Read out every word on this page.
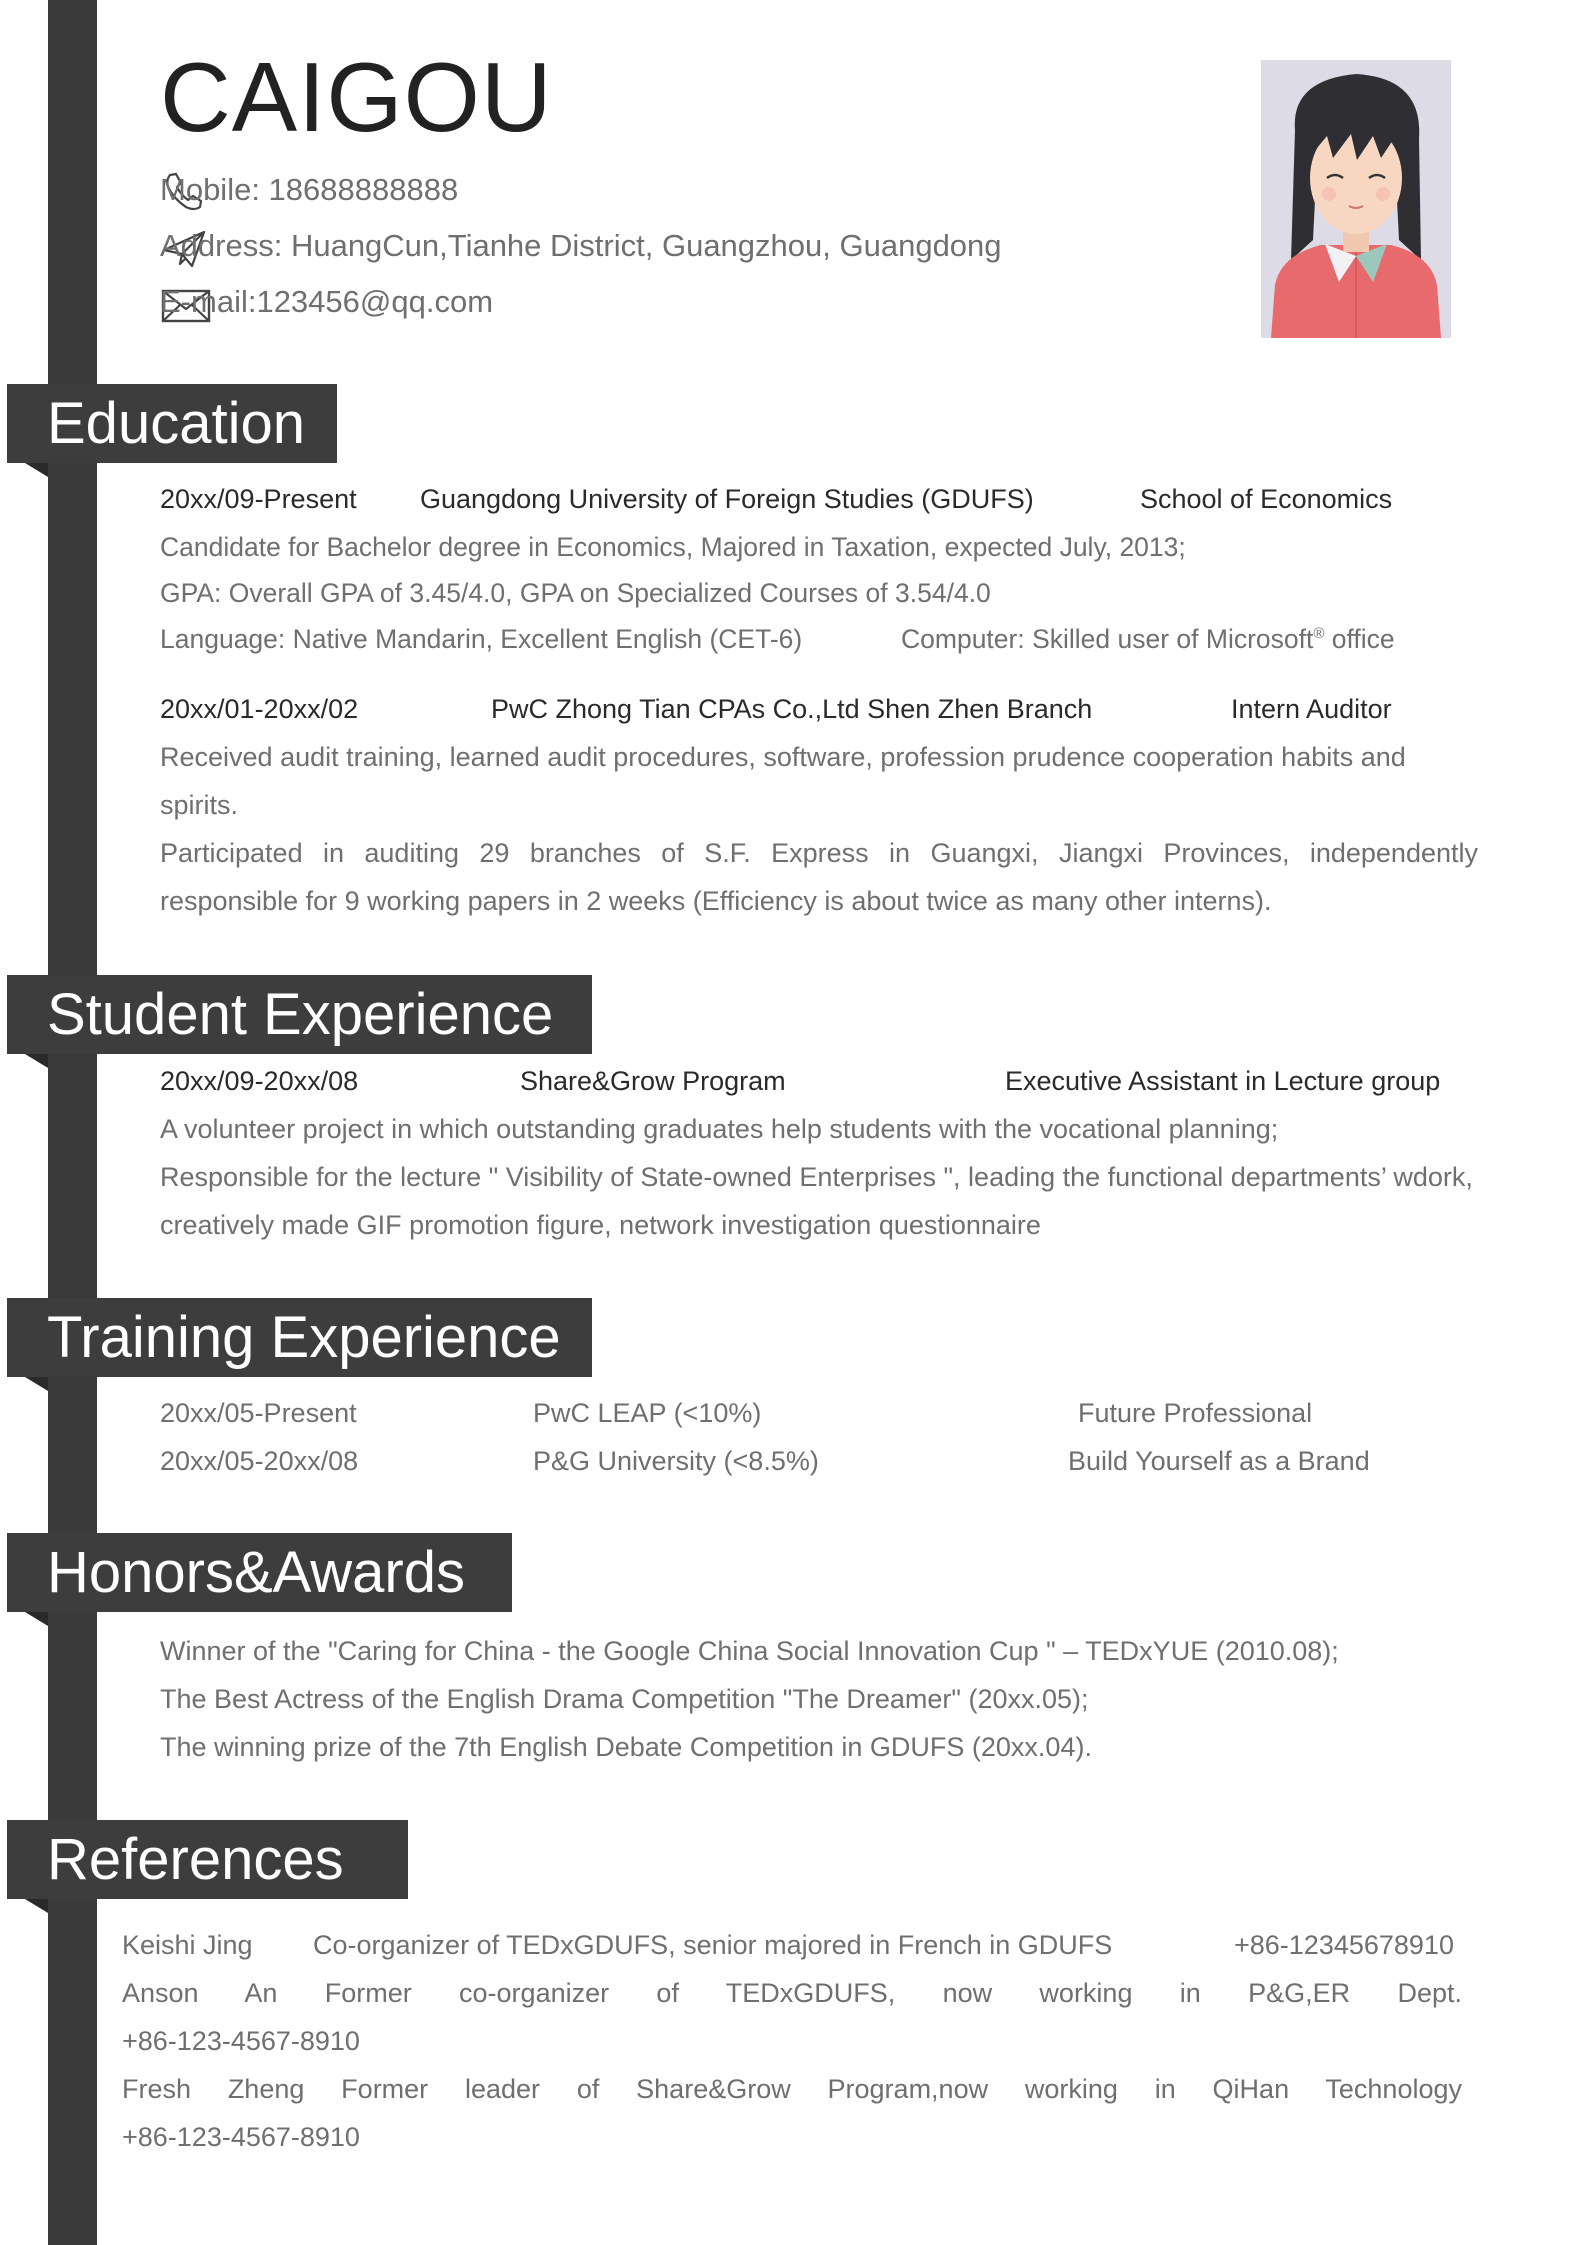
CAIGOU
Mobile: 18688888888
Address: HuangCun,Tianhe District, Guangzhou, Guangdong
E-mail:123456@qq.com
Education
20xx/09-Present Guangdong University of Foreign Studies (GDUFS)	School of Economics
Candidate for Bachelor degree in Economics, Majored in Taxation, expected July, 2013;
GPA: Overall GPA of 3.45/4.0, GPA on Specialized Courses of 3.54/4.0
Language: Native Mandarin, Excellent English (CET-6)	Computer: Skilled user of Microsoft® office
20xx/01-20xx/02	PwC Zhong Tian CPAs Co.,Ltd Shen Zhen Branch	Intern Auditor
Received audit training, learned audit procedures, software, profession prudence cooperation habits and
spirits.
Participated in auditing 29 branches of S.F. Express in Guangxi, Jiangxi Provinces, independently
responsible for 9 working papers in 2 weeks (Efficiency is about twice as many other interns).
Student Experience
20xx/09-20xx/08	Share&Grow Program	Executive Assistant in Lecture group
A volunteer project in which outstanding graduates help students with the vocational planning;
Responsible for the lecture " Visibility of State-owned Enterprises ", leading the functional departments’ wdork,
creatively made GIF promotion figure, network investigation questionnaire
Training Experience
20xx/05-Present	PwC LEAP (<10%)	Future Professional
20xx/05-20xx/08	P&G University (<8.5%)	Build Yourself as a Brand
Honors&Awards
Winner of the "Caring for China - the Google China Social Innovation Cup " – TEDxYUE (2010.08);
The Best Actress of the English Drama Competition "The Dreamer" (20xx.05);
The winning prize of the 7th English Debate Competition in GDUFS (20xx.04).
References
Keishi Jing Co-organizer of TEDxGDUFS, senior majored in French in GDUFS	+86-12345678910
Anson An Former co-organizer of TEDxGDUFS, now working in P&G,ER Dept.
+86-123-4567-8910
Fresh Zheng Former leader of Share&Grow Program,now working in QiHan Technology
+86-123-4567-8910
